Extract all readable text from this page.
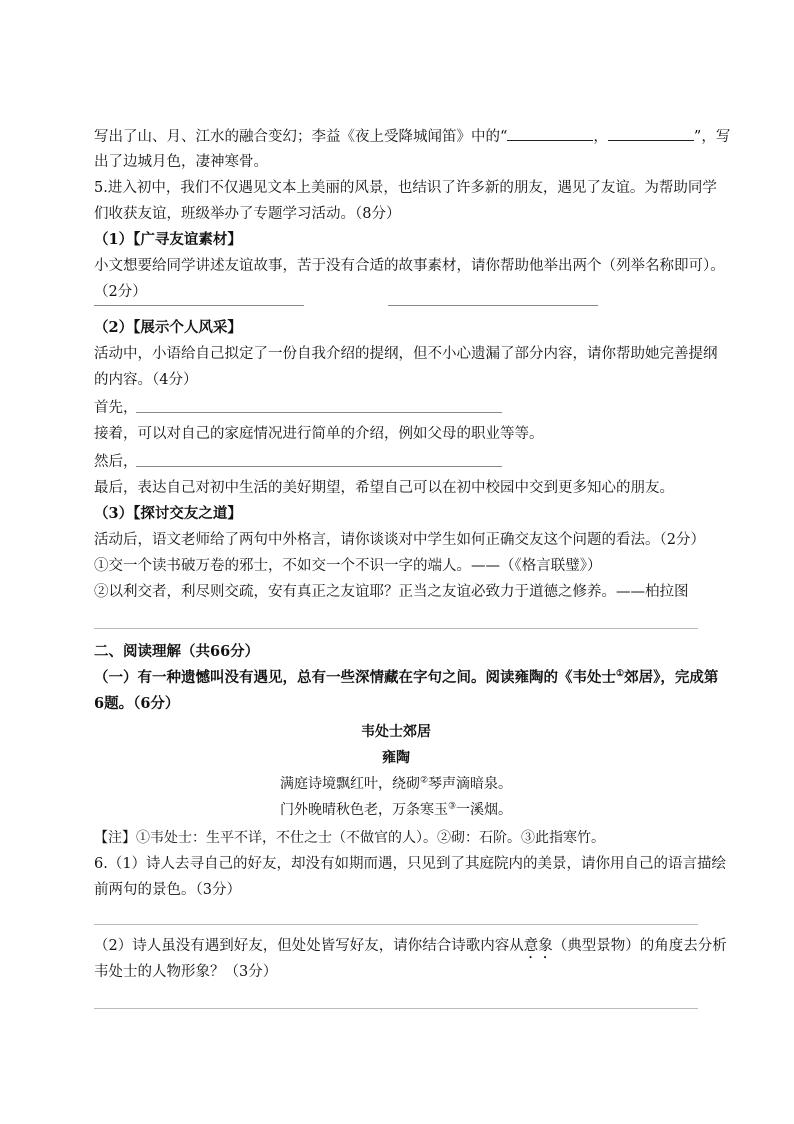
写出了山、月、江水的融合变幻；李益《夜上受降城闻笛》中的“	，	”，写
出了边城月色，凄神寒骨。
5.进入初中，我们不仅遇见文本上美丽的风景，也结识了许多新的朋友，遇见了友谊。为帮助同学
们收获友谊，班级举办了专题学习活动。（8分）
（1）【广寻友谊素材】
小文想要给同学讲述友谊故事，苦于没有合适的故事素材，请你帮助他举出两个（列举名称即可）。
（2分）
（2）【展示个人风采】
活动中，小语给自己拟定了一份自我介绍的提纲，但不小心遗漏了部分内容，请你帮助她完善提纲
的内容。（4分）
首先，
接着，可以对自己的家庭情况进行简单的介绍，例如父母的职业等等。
然后，
最后，表达自己对初中生活的美好期望，希望自己可以在初中校园中交到更多知心的朋友。
（3）【探讨交友之道】
活动后，语文老师给了两句中外格言，请你谈谈对中学生如何正确交友这个问题的看法。（2分）
①交一个读书破万卷的邪士，不如交一个不识一字的端人。——（《格言联璧》）
②以利交者，利尽则交疏，安有真正之友谊耶？正当之友谊必致力于道德之修养。——柏拉图
二、阅读理解（共66分）
（一）有一种遗憾叫没有遇见，总有一些深情藏在字句之间。阅读雍陶的《韦处士①郊居》，完成第
6题。（6分）
韦处士郊居
雍陶
满庭诗境飘红叶，绕砌②琴声滴暗泉。
门外晚晴秋色老，万条寒玉③一溪烟。
【注】①韦处士：生平不详，不仕之士（不做官的人）。②砌：石阶。③此指寒竹。
6.（1）诗人去寻自己的好友，却没有如期而遇，只见到了其庭院内的美景，请你用自己的语言描绘
前两句的景色。（3分）
（2）诗人虽没有遇到好友，但处处皆写好友，请你结合诗歌内容从意象（典型景物）的角度去分析
韦处士的人物形象？（3分）
